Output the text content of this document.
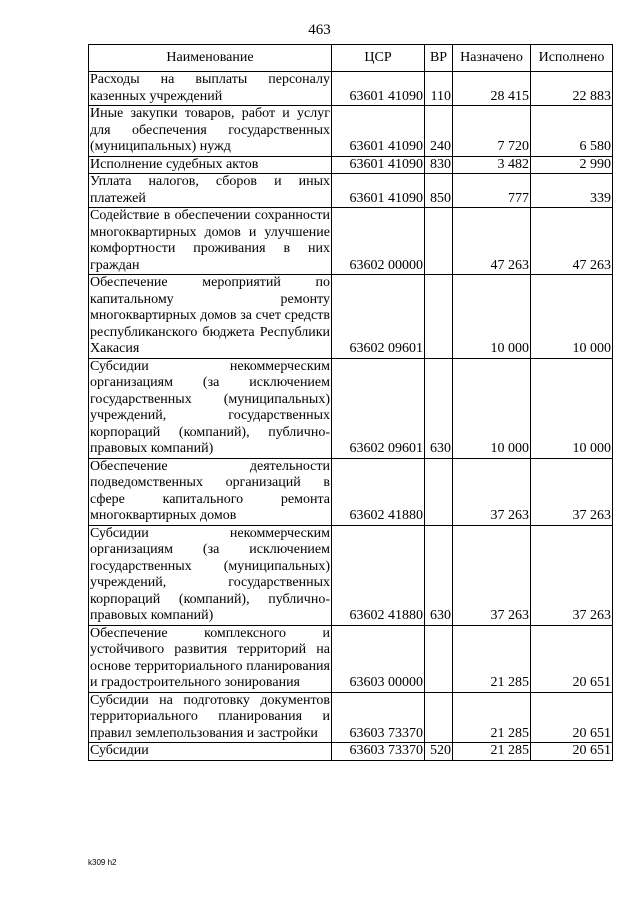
463
Наименование	ЦСР	ВР	Назначено	Исполнено
Расходы на выплаты персоналу казенных учреждений	63601 41090	110	28 415	22 883
Иные закупки товаров, работ и услуг для обеспечения государственных (муниципальных) нужд	63601 41090	240	7 720	6 580
Исполнение судебных актов	63601 41090	830	3 482	2 990
Уплата налогов, сборов и иных платежей	63601 41090	850	777	339
Содействие в обеспечении сохранности многоквартирных домов и улучшение комфортности проживания в них граждан	63602 00000		47 263	47 263
Обеспечение мероприятий по капитальному ремонту многоквартирных домов за счет средств республиканского бюджета Республики Хакасия	63602 09601		10 000	10 000
Субсидии некоммерческим организациям (за исключением государственных (муниципальных) учреждений, государственных корпораций (компаний), публично-правовых компаний)	63602 09601	630	10 000	10 000
Обеспечение деятельности подведомственных организаций в сфере капитального ремонта многоквартирных домов	63602 41880		37 263	37 263
Субсидии некоммерческим организациям (за исключением государственных (муниципальных) учреждений, государственных корпораций (компаний), публично-правовых компаний)	63602 41880	630	37 263	37 263
Обеспечение комплексного и устойчивого развития территорий на основе территориального планирования и градостроительного зонирования	63603 00000		21 285	20 651
Субсидии на подготовку документов территориального планирования и правил землепользования и застройки	63603 73370		21 285	20 651
Субсидии	63603 73370	520	21 285	20 651
k309 h2
